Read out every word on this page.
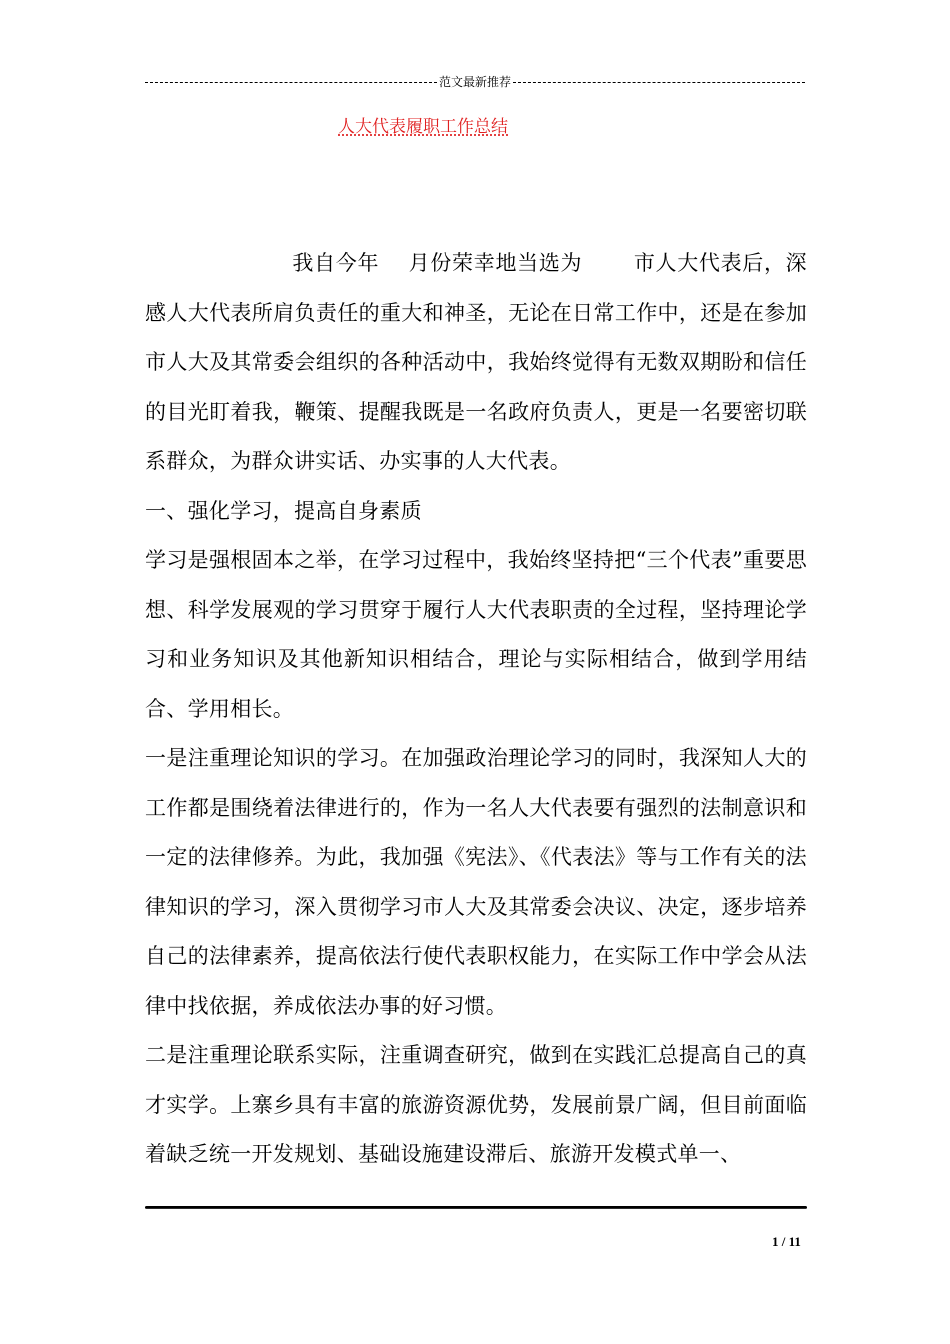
范文最新推荐
人大代表履职工作总结

我自今年    月份荣幸地当选为       市人大代表后，深感人大代表所肩负责任的重大和神圣，无论在日常工作中，还是在参加市人大及其常委会组织的各种活动中，我始终觉得有无数双期盼和信任的目光盯着我，鞭策、提醒我既是一名政府负责人，更是一名要密切联系群众，为群众讲实话、办实事的人大代表。

一、强化学习，提高自身素质

学习是强根固本之举，在学习过程中，我始终坚持把“三个代表”重要思想、科学发展观的学习贯穿于履行人大代表职责的全过程，坚持理论学习和业务知识及其他新知识相结合，理论与实际相结合，做到学用结合、学用相长。

一是注重理论知识的学习。在加强政治理论学习的同时，我深知人大的工作都是围绕着法律进行的，作为一名人大代表要有强烈的法制意识和一定的法律修养。为此，我加强《宪法》、《代表法》等与工作有关的法律知识的学习，深入贯彻学习市人大及其常委会决议、决定，逐步培养自己的法律素养，提高依法行使代表职权能力，在实际工作中学会从法律中找依据，养成依法办事的好习惯。

二是注重理论联系实际，注重调查研究，做到在实践汇总提高自己的真才实学。上寨乡具有丰富的旅游资源优势，发展前景广阔，但目前面临着缺乏统一开发规划、基础设施建设滞后、旅游开发模式单一、

1 / 11
